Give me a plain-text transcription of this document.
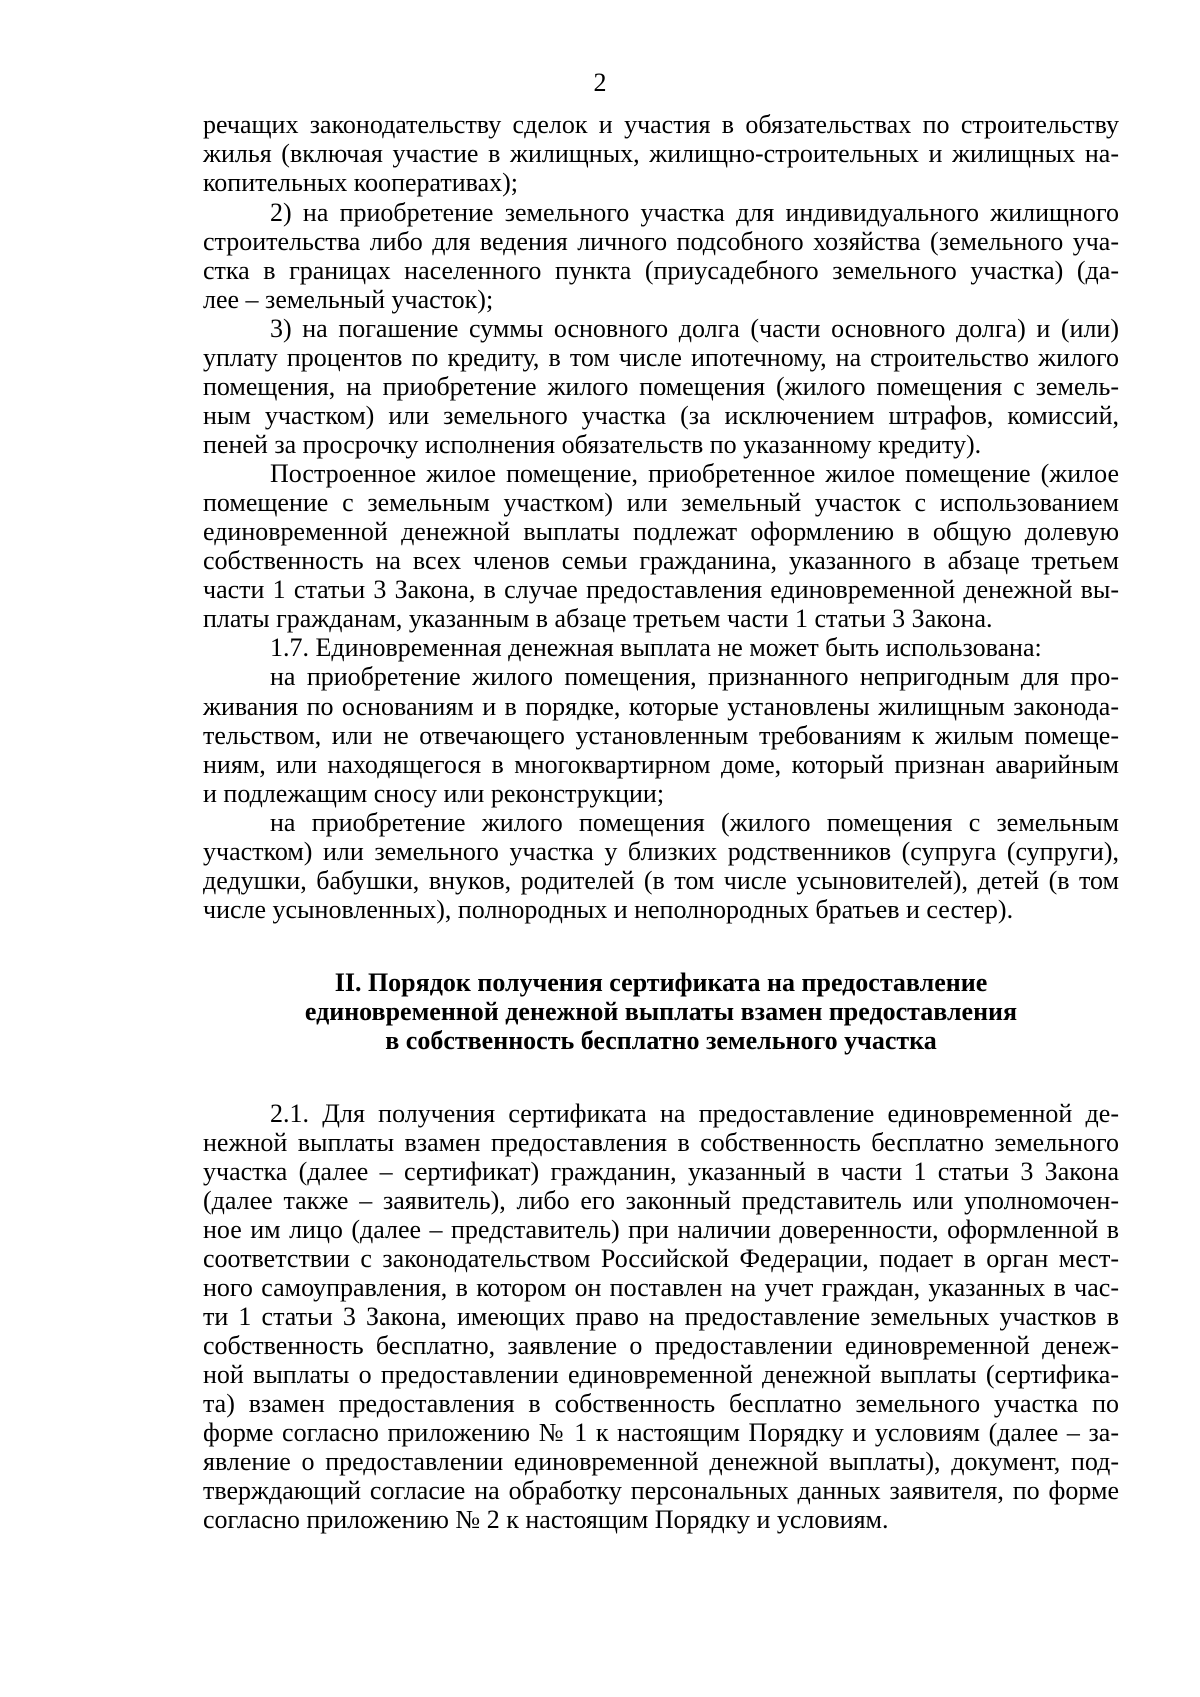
2
речащих законодательству сделок и участия в обязательствах по строительству
жилья (включая участие в жилищных, жилищно-строительных и жилищных на-
копительных кооперативах);
2) на приобретение земельного участка для индивидуального жилищного
строительства либо для ведения личного подсобного хозяйства (земельного уча-
стка в границах населенного пункта (приусадебного земельного участка) (да-
лее – земельный участок);
3) на погашение суммы основного долга (части основного долга) и (или)
уплату процентов по кредиту, в том числе ипотечному, на строительство жилого
помещения, на приобретение жилого помещения (жилого помещения с земель-
ным участком) или земельного участка (за исключением штрафов, комиссий,
пеней за просрочку исполнения обязательств по указанному кредиту).
Построенное жилое помещение, приобретенное жилое помещение (жилое
помещение с земельным участком) или земельный участок с использованием
единовременной денежной выплаты подлежат оформлению в общую долевую
собственность на всех членов семьи гражданина, указанного в абзаце третьем
части 1 статьи 3 Закона, в случае предоставления единовременной денежной вы-
платы гражданам, указанным в абзаце третьем части 1 статьи 3 Закона.
1.7. Единовременная денежная выплата не может быть использована:
на приобретение жилого помещения, признанного непригодным для про-
живания по основаниям и в порядке, которые установлены жилищным законода-
тельством, или не отвечающего установленным требованиям к жилым помеще-
ниям, или находящегося в многоквартирном доме, который признан аварийным
и подлежащим сносу или реконструкции;
на приобретение жилого помещения (жилого помещения с земельным
участком) или земельного участка у близких родственников (супруга (супруги),
дедушки, бабушки, внуков, родителей (в том числе усыновителей), детей (в том
числе усыновленных), полнородных и неполнородных братьев и сестер).
II. Порядок получения сертификата на предоставление
единовременной денежной выплаты взамен предоставления
в собственность бесплатно земельного участка
2.1. Для получения сертификата на предоставление единовременной де-
нежной выплаты взамен предоставления в собственность бесплатно земельного
участка (далее – сертификат) гражданин, указанный в части 1 статьи 3 Закона
(далее также – заявитель), либо его законный представитель или уполномочен-
ное им лицо (далее – представитель) при наличии доверенности, оформленной в
соответствии с законодательством Российской Федерации, подает в орган мест-
ного самоуправления, в котором он поставлен на учет граждан, указанных в час-
ти 1 статьи 3 Закона, имеющих право на предоставление земельных участков в
собственность бесплатно, заявление о предоставлении единовременной денеж-
ной выплаты о предоставлении единовременной денежной выплаты (сертифика-
та) взамен предоставления в собственность бесплатно земельного участка по
форме согласно приложению № 1 к настоящим Порядку и условиям (далее – за-
явление о предоставлении единовременной денежной выплаты), документ, под-
тверждающий согласие на обработку персональных данных заявителя, по форме
согласно приложению № 2 к настоящим Порядку и условиям.
